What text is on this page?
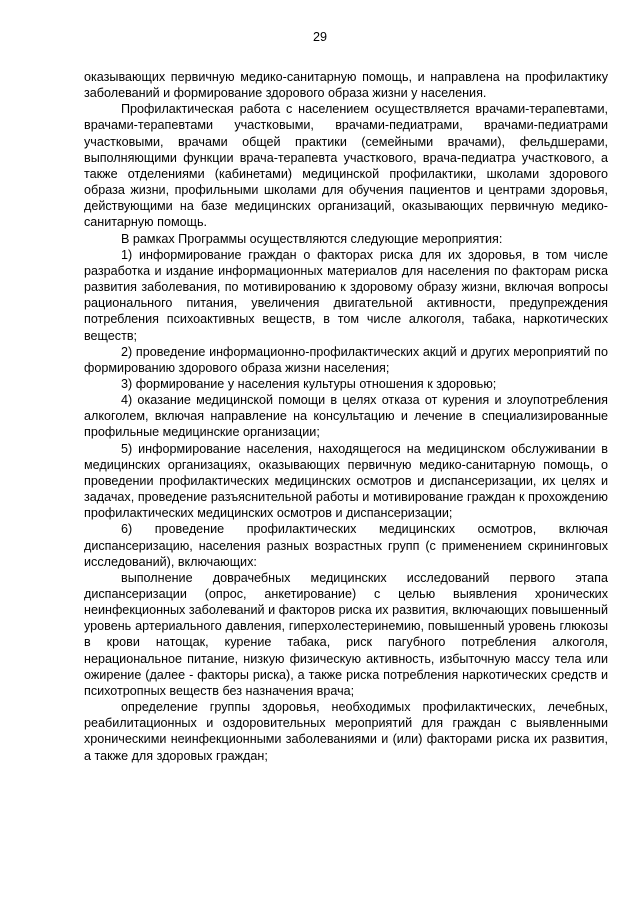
29

оказывающих первичную медико-санитарную помощь, и направлена на профилактику заболеваний и формирование здорового образа жизни у населения.

Профилактическая работа с населением осуществляется врачами-терапевтами, врачами-терапевтами участковыми, врачами-педиатрами, врачами-педиатрами участковыми, врачами общей практики (семейными врачами), фельдшерами, выполняющими функции врача-терапевта участкового, врача-педиатра участкового, а также отделениями (кабинетами) медицинской профилактики, школами здорового образа жизни, профильными школами для обучения пациентов и центрами здоровья, действующими на базе медицинских организаций, оказывающих первичную медико-санитарную помощь.

В рамках Программы осуществляются следующие мероприятия:

1) информирование граждан о факторах риска для их здоровья, в том числе разработка и издание информационных материалов для населения по факторам риска развития заболевания, по мотивированию к здоровому образу жизни, включая вопросы рационального питания, увеличения двигательной активности, предупреждения потребления психоактивных веществ, в том числе алкоголя, табака, наркотических веществ;

2) проведение информационно-профилактических акций и других мероприятий по формированию здорового образа жизни населения;

3) формирование у населения культуры отношения к здоровью;

4) оказание медицинской помощи в целях отказа от курения и злоупотребления алкоголем, включая направление на консультацию и лечение в специализированные профильные медицинские организации;

5) информирование населения, находящегося на медицинском обслуживании в медицинских организациях, оказывающих первичную медико-санитарную помощь, о проведении профилактических медицинских осмотров и диспансеризации, их целях и задачах, проведение разъяснительной работы и мотивирование граждан к прохождению профилактических медицинских осмотров и диспансеризации;

6) проведение профилактических медицинских осмотров, включая диспансеризацию, населения разных возрастных групп (с применением скрининговых исследований), включающих:

выполнение доврачебных медицинских исследований первого этапа диспансеризации (опрос, анкетирование) с целью выявления хронических неинфекционных заболеваний и факторов риска их развития, включающих повышенный уровень артериального давления, гиперхолестеринемию, повышенный уровень глюкозы в крови натощак, курение табака, риск пагубного потребления алкоголя, нерациональное питание, низкую физическую активность, избыточную массу тела или ожирение (далее - факторы риска), а также риска потребления наркотических средств и психотропных веществ без назначения врача;

определение группы здоровья, необходимых профилактических, лечебных, реабилитационных и оздоровительных мероприятий для граждан с выявленными хроническими неинфекционными заболеваниями и (или) факторами риска их развития, а также для здоровых граждан;
